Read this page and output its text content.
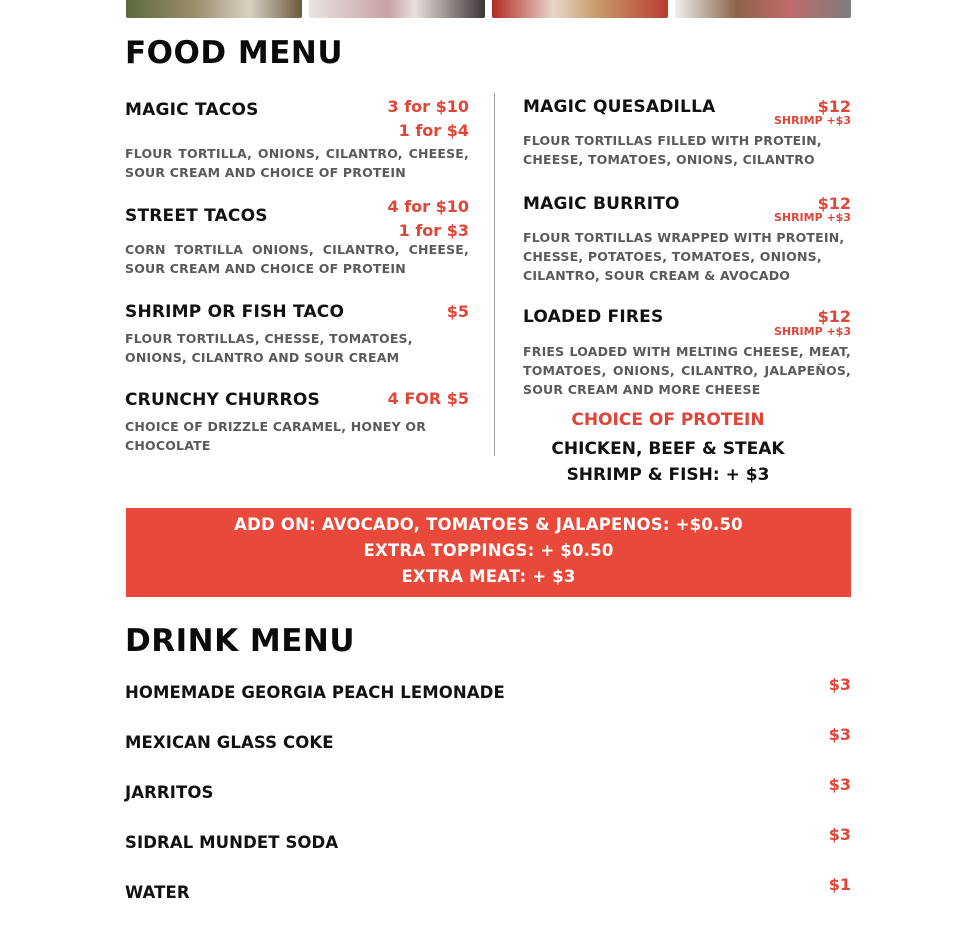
FOOD MENU
MAGIC TACOS	3 for $10
1 for $4
FLOUR TORTILLA, ONIONS, CILANTRO, CHEESE, SOUR CREAM AND CHOICE OF PROTEIN
STREET TACOS	4 for $10
1 for $3
CORN TORTILLA ONIONS, CILANTRO, CHEESE, SOUR CREAM AND CHOICE OF PROTEIN
SHRIMP OR FISH TACO	$5
FLOUR TORTILLAS, CHESSE, TOMATOES, ONIONS, CILANTRO AND SOUR CREAM
CRUNCHY CHURROS	4 FOR $5
CHOICE OF DRIZZLE CARAMEL, HONEY OR CHOCOLATE
MAGIC QUESADILLA	$12
SHRIMP +$3
FLOUR TORTILLAS FILLED WITH PROTEIN, CHEESE, TOMATOES, ONIONS, CILANTRO
MAGIC BURRITO	$12
SHRIMP +$3
FLOUR TORTILLAS WRAPPED WITH PROTEIN, CHESSE, POTATOES, TOMATOES, ONIONS, CILANTRO, SOUR CREAM & AVOCADO
LOADED FIRES	$12
SHRIMP +$3
FRIES LOADED WITH MELTING CHEESE, MEAT, TOMATOES, ONIONS, CILANTRO, JALAPEÑOS, SOUR CREAM AND MORE CHEESE
CHOICE OF PROTEIN
CHICKEN, BEEF & STEAK
SHRIMP & FISH: + $3
ADD ON: AVOCADO, TOMATOES & JALAPENOS: +$0.50
EXTRA TOPPINGS: + $0.50
EXTRA MEAT: + $3
DRINK MENU
HOMEMADE GEORGIA PEACH LEMONADE	$3
MEXICAN GLASS COKE	$3
JARRITOS	$3
SIDRAL MUNDET SODA	$3
WATER	$1
